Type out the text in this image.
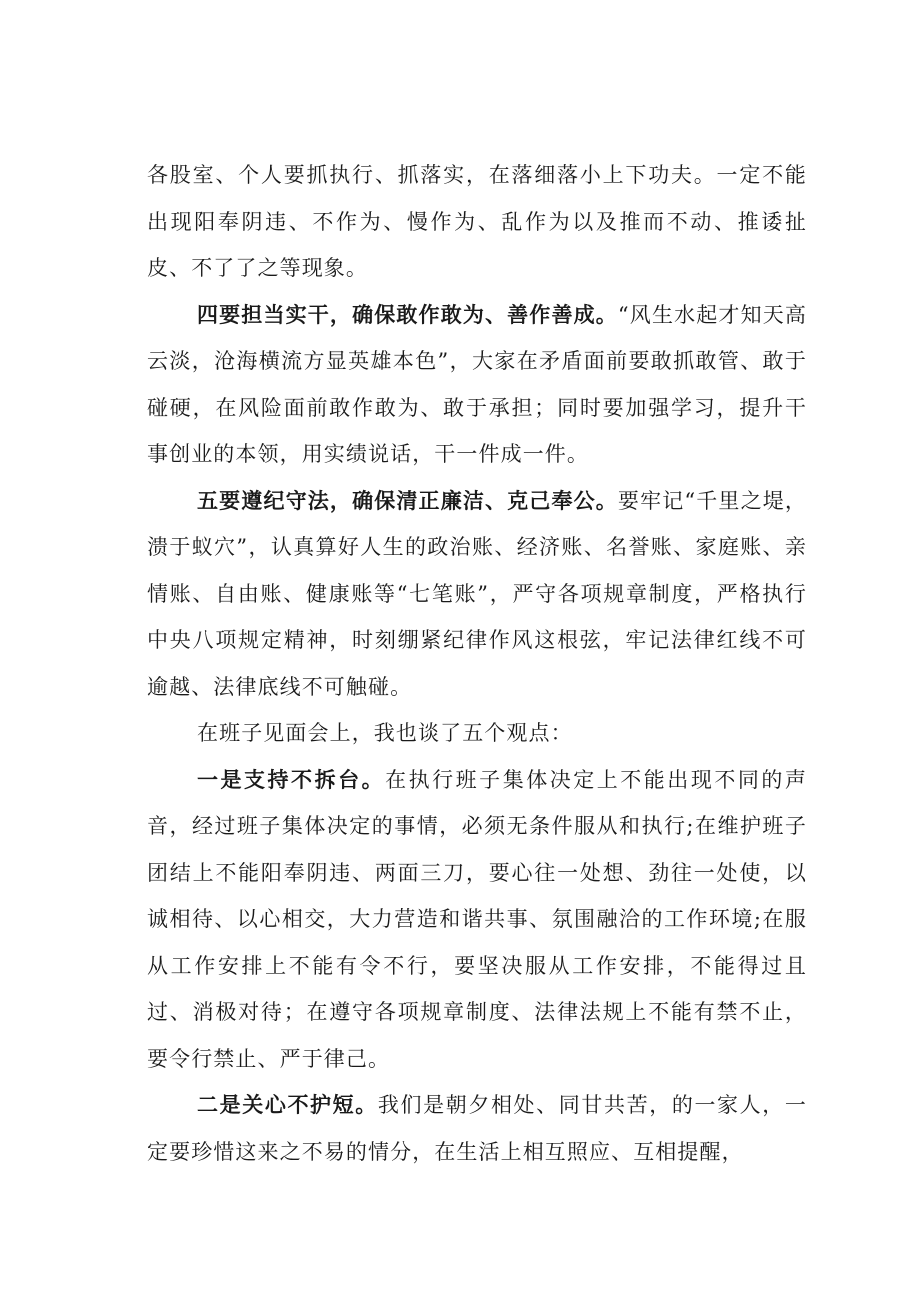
各股室、个人要抓执行、抓落实，在落细落小上下功夫。一定不能出现阳奉阴违、不作为、慢作为、乱作为以及推而不动、推诿扯皮、不了了之等现象。

四要担当实干，确保敢作敢为、善作善成。“风生水起才知天高云淡，沧海横流方显英雄本色”，大家在矛盾面前要敢抓敢管、敢于碰硬，在风险面前敢作敢为、敢于承担；同时要加强学习，提升干事创业的本领，用实绩说话，干一件成一件。

五要遵纪守法，确保清正廉洁、克己奉公。要牢记“千里之堤，溃于蚁穴”，认真算好人生的政治账、经济账、名誉账、家庭账、亲情账、自由账、健康账等“七笔账”，严守各项规章制度，严格执行中央八项规定精神，时刻绷紧纪律作风这根弦，牢记法律红线不可逾越、法律底线不可触碰。

在班子见面会上，我也谈了五个观点：

一是支持不拆台。在执行班子集体决定上不能出现不同的声音，经过班子集体决定的事情，必须无条件服从和执行;在维护班子团结上不能阳奉阴违、两面三刀，要心往一处想、劲往一处使，以诚相待、以心相交，大力营造和谐共事、氛围融洽的工作环境;在服从工作安排上不能有令不行，要坚决服从工作安排，不能得过且过、消极对待；在遵守各项规章制度、法律法规上不能有禁不止，要令行禁止、严于律己。

二是关心不护短。我们是朝夕相处、同甘共苦，的一家人，一定要珍惜这来之不易的情分，在生活上相互照应、互相提醒，
